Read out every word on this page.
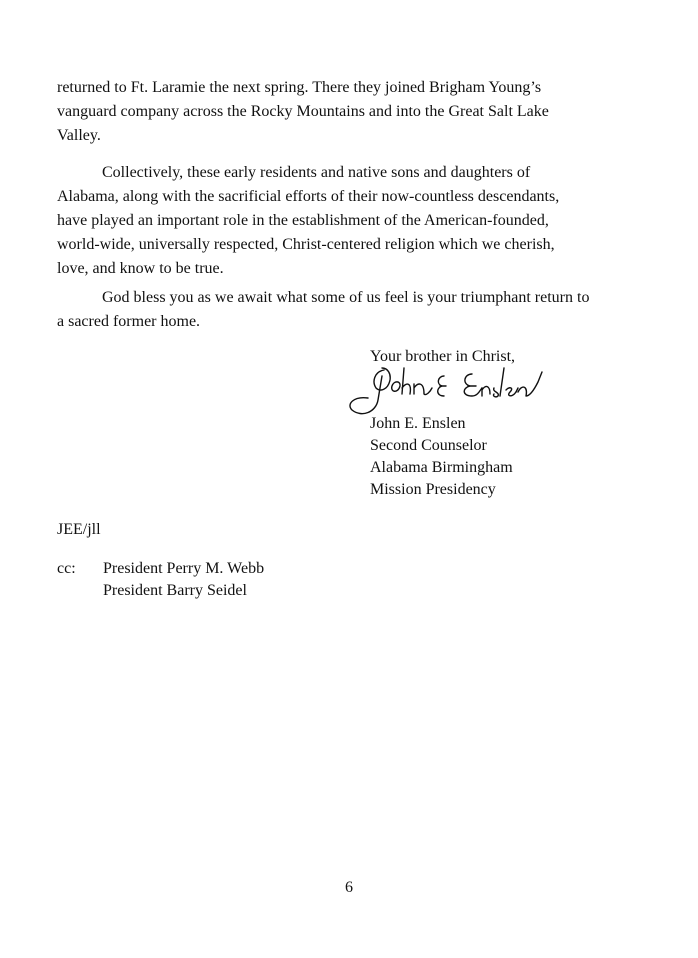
returned to Ft. Laramie the next spring. There they joined Brigham Young’s
vanguard company across the Rocky Mountains and into the Great Salt Lake
Valley.

Collectively, these early residents and native sons and daughters of
Alabama, along with the sacrificial efforts of their now-countless descendants,
have played an important role in the establishment of the American-founded,
world-wide, universally respected, Christ-centered religion which we cherish,
love, and know to be true.

God bless you as we await what some of us feel is your triumphant return to
a sacred former home.

Your brother in Christ,
John E. Enslen
Second Counselor
Alabama Birmingham
Mission Presidency
JEE/jll
cc: President Perry M. Webb
President Barry Seidel
6
